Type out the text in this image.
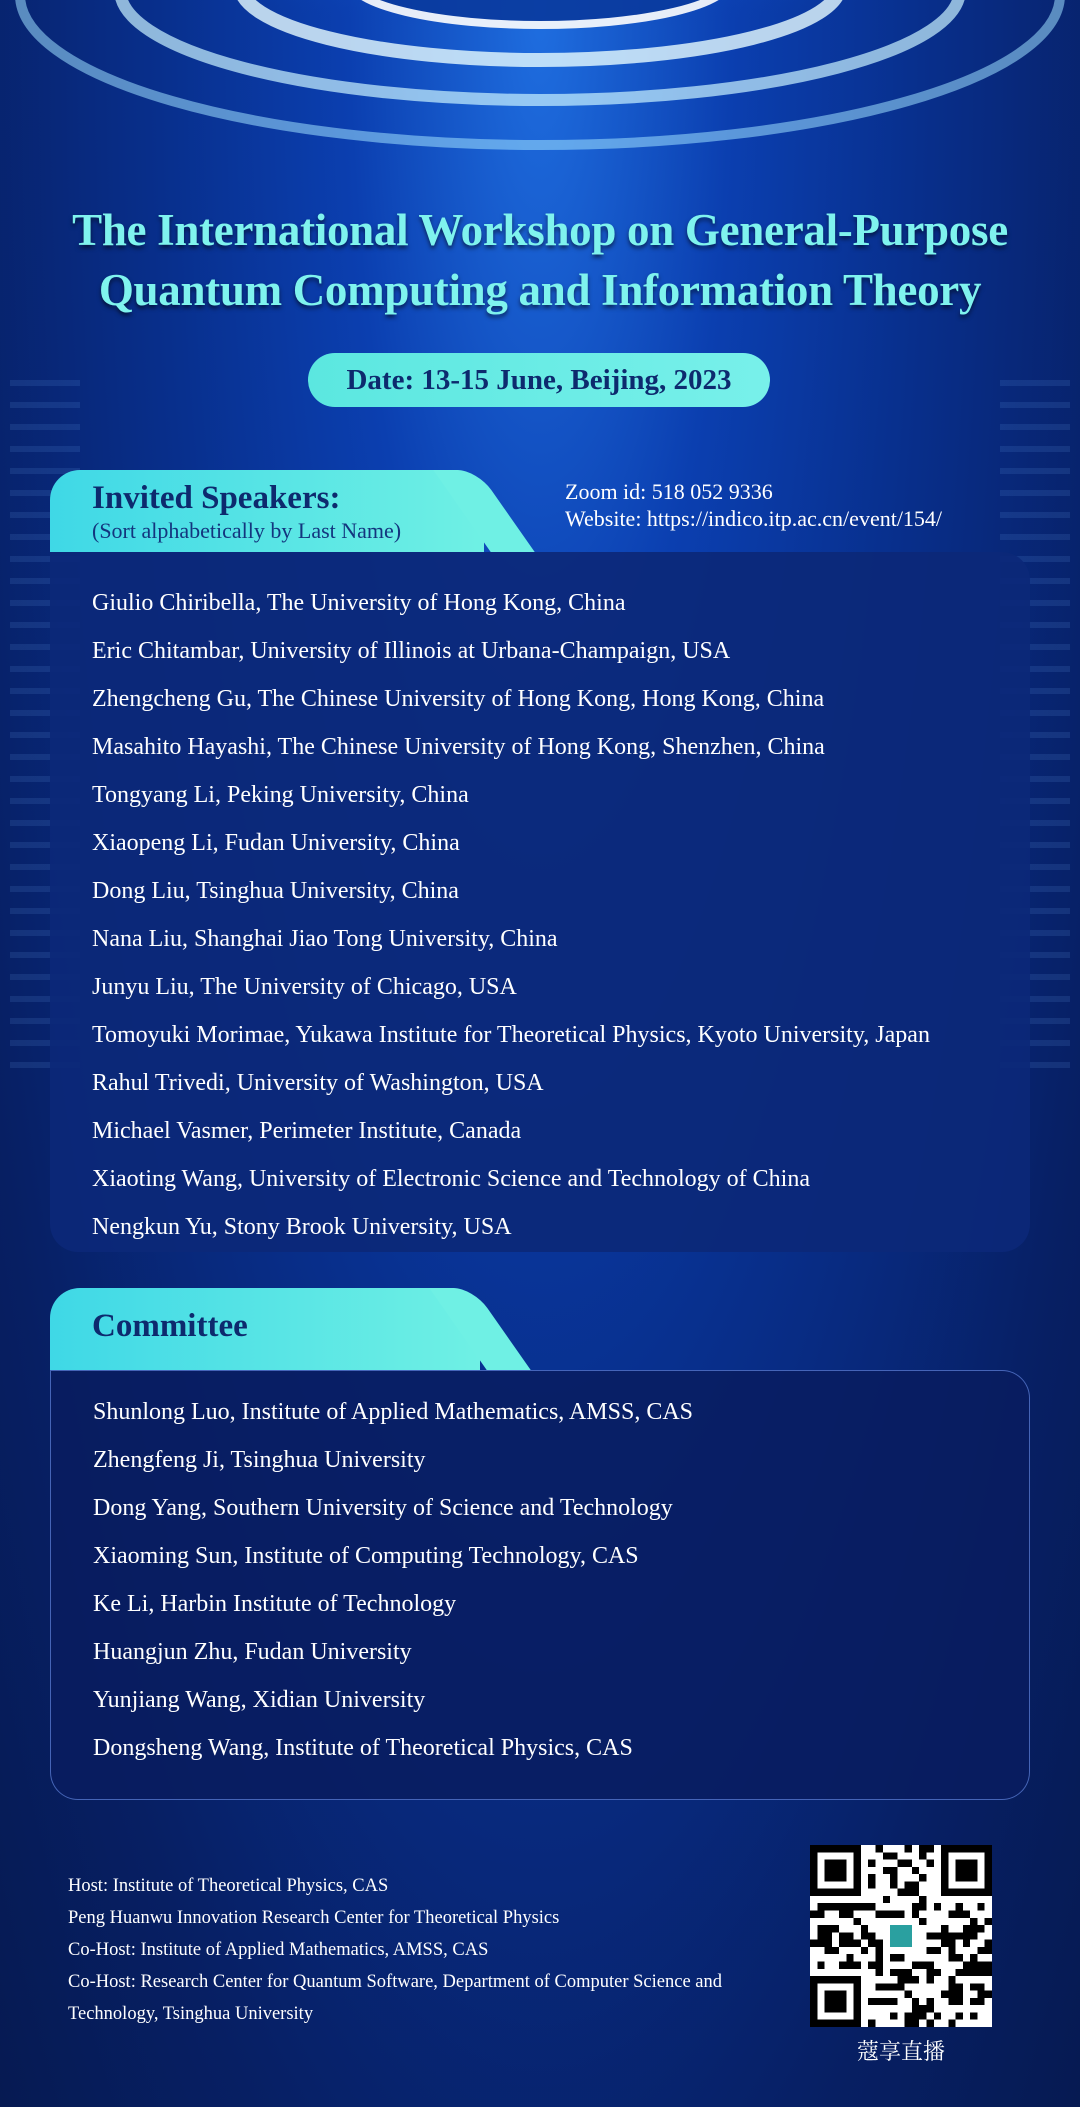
The International Workshop on General-Purpose
Quantum Computing and Information Theory
Date: 13-15 June, Beijing, 2023
Invited Speakers:
(Sort alphabetically by Last Name)
Zoom id: 518 052 9336
Website: https://indico.itp.ac.cn/event/154/
Giulio Chiribella, The University of Hong Kong, China
Eric Chitambar, University of Illinois at Urbana-Champaign, USA
Zhengcheng Gu, The Chinese University of Hong Kong, Hong Kong, China
Masahito Hayashi, The Chinese University of Hong Kong, Shenzhen, China
Tongyang Li, Peking University, China
Xiaopeng Li, Fudan University, China
Dong Liu, Tsinghua University, China
Nana Liu, Shanghai Jiao Tong University, China
Junyu Liu, The University of Chicago, USA
Tomoyuki Morimae, Yukawa Institute for Theoretical Physics, Kyoto University, Japan
Rahul Trivedi, University of Washington, USA
Michael Vasmer, Perimeter Institute, Canada
Xiaoting Wang, University of Electronic Science and Technology of China
Nengkun Yu, Stony Brook University, USA
Committee
Shunlong Luo, Institute of Applied Mathematics, AMSS, CAS
Zhengfeng Ji, Tsinghua University
Dong Yang, Southern University of Science and Technology
Xiaoming Sun, Institute of Computing Technology, CAS
Ke Li, Harbin Institute of Technology
Huangjun Zhu, Fudan University
Yunjiang Wang, Xidian University
Dongsheng Wang, Institute of Theoretical Physics, CAS
Host: Institute of Theoretical Physics, CAS
Peng Huanwu Innovation Research Center for Theoretical Physics
Co-Host: Institute of Applied Mathematics, AMSS, CAS
Co-Host: Research Center for Quantum Software, Department of Computer Science and Technology, Tsinghua University
蔻享直播
